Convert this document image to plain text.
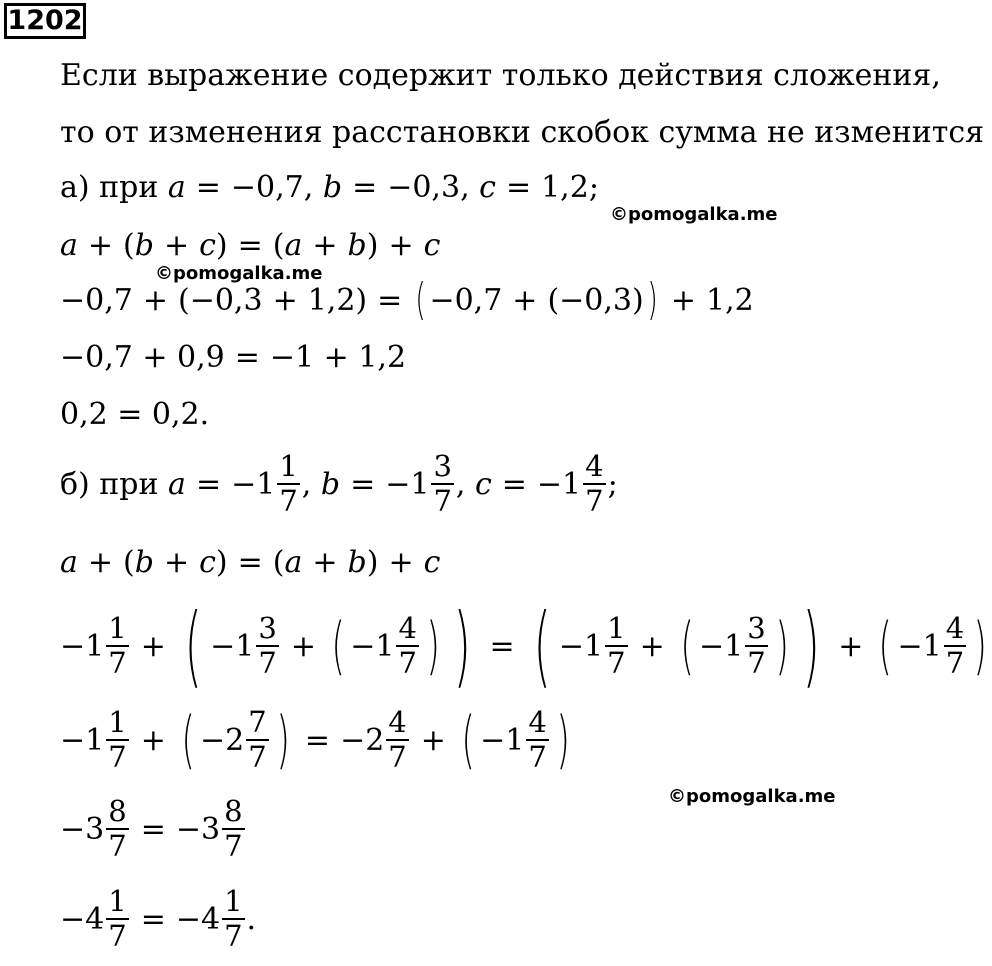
1202
Если выражение содержит только действия сложения,
то от изменения расстановки скобок сумма не изменится
а) при
a = −0,7 , b = −0,3 , c = 1,2 ;
©pomogalka.me
a + ( b + c ) = ( a + b ) + c
©pomogalka.me
−0,7 + (−0,3 + 1,2) = ( −0,7 + (−0,3) ) + 1,2
−0,7 + 0,9 = −1 + 1,2
0,2 = 0,2.
б) при
$a = -1 \frac{1}{7}$ , $b = -1 \frac{3}{7}$ , $c = -1 \frac{4}{7}$ ;
a + ( b + c ) = ( a + b ) + c
$-1 \frac{1}{7}$ + ( $-1 \frac{3}{7}$ + ( $-1 \frac{4}{7}$ ) ) = ( $-1 \frac{1}{7}$ + ( $-1 \frac{3}{7}$ ) ) + ( $-1 \frac{4}{7}$ )
$-1 \frac{1}{7}$ + ( $-2 \frac{7}{7}$ ) = $-2 \frac{4}{7}$ + ( $-1 \frac{4}{7}$ )
©pomogalka.me
$-3 \frac{8}{7} = -3 \frac{8}{7}$
$-4 \frac{1}{7} = -4 \frac{1}{7}$ .
